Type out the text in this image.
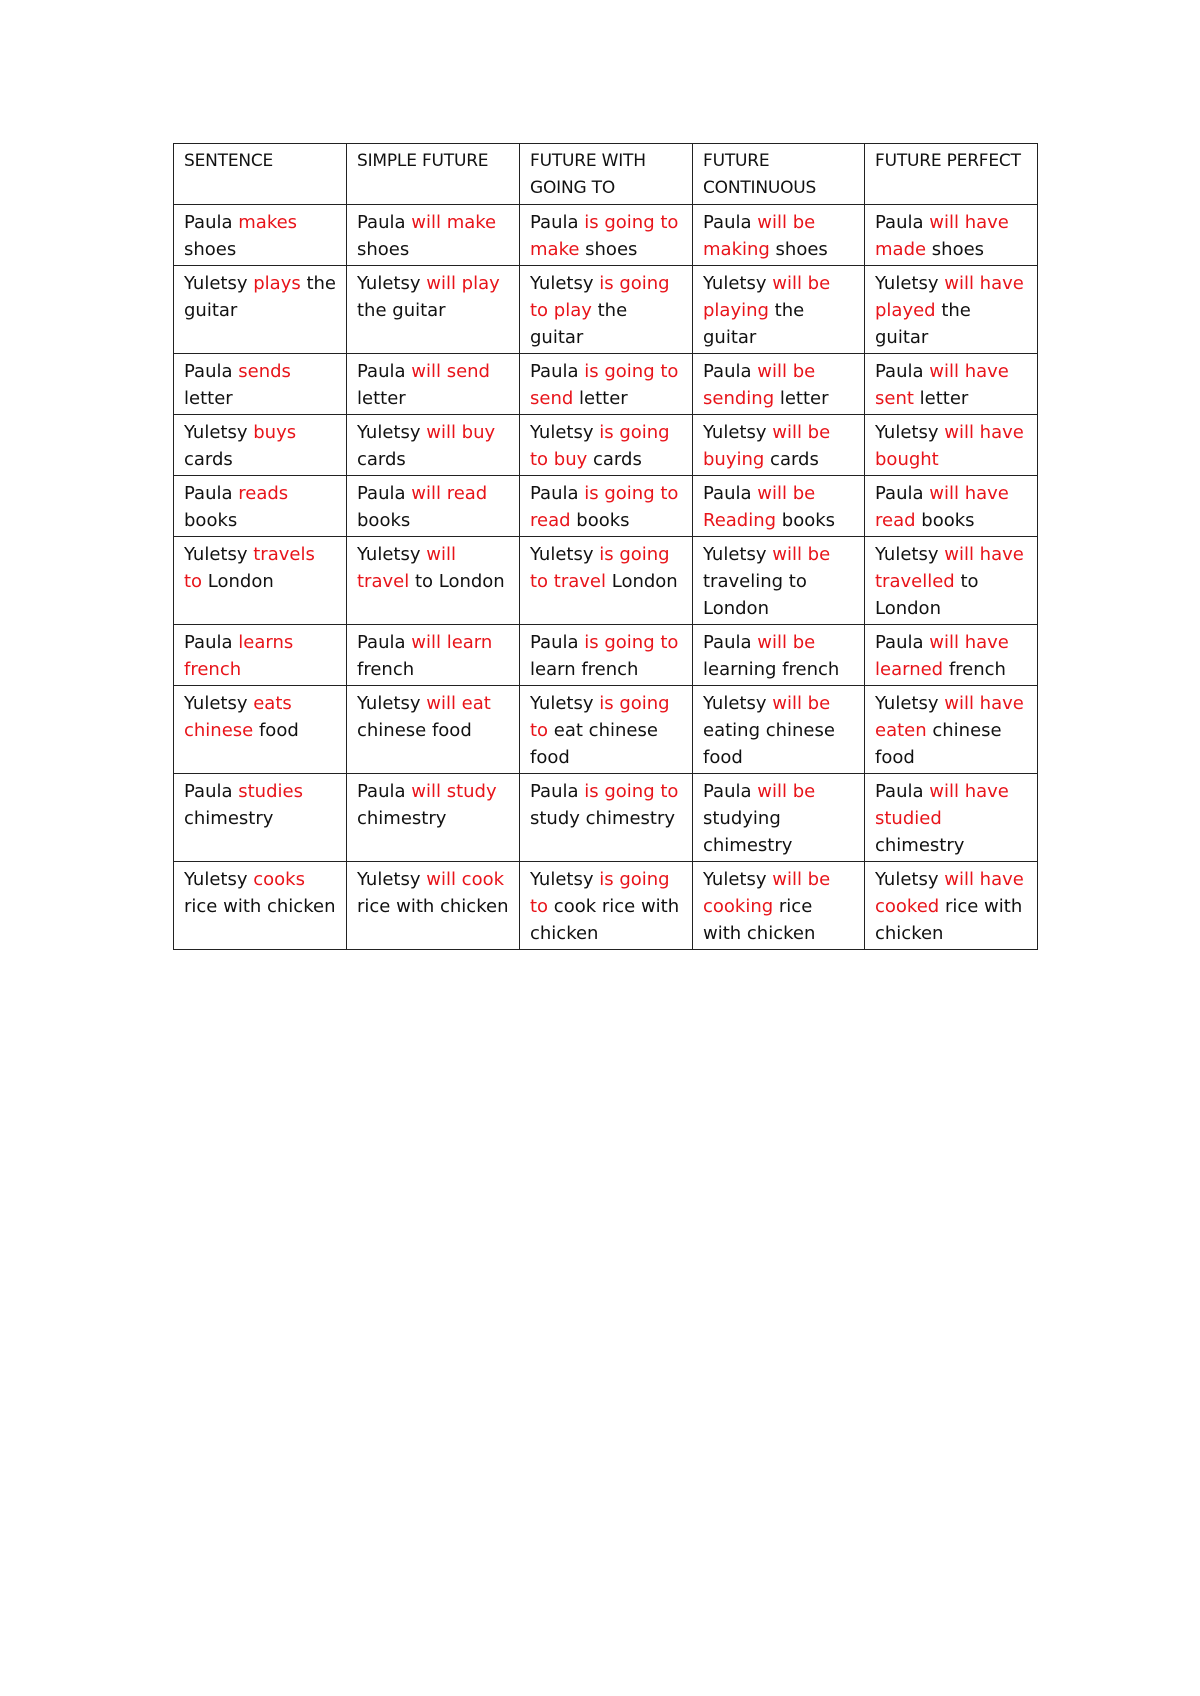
SENTENCE	SIMPLE FUTURE	FUTURE WITH GOING TO	FUTURE CONTINUOUS	FUTURE PERFECT
Paula makes shoes	Paula will make shoes	Paula is going to make shoes	Paula will be making shoes	Paula will have made shoes
Yuletsy plays the guitar	Yuletsy will play the guitar	Yuletsy is going to play the guitar	Yuletsy will be playing the guitar	Yuletsy will have played the guitar
Paula sends letter	Paula will send letter	Paula is going to send letter	Paula will be sending letter	Paula will have sent letter
Yuletsy buys cards	Yuletsy will buy cards	Yuletsy is going to buy cards	Yuletsy will be buying cards	Yuletsy will have bought
Paula reads books	Paula will read books	Paula is going to read books	Paula will be Reading books	Paula will have read books
Yuletsy travels to London	Yuletsy will travel to London	Yuletsy is going to travel London	Yuletsy will be traveling to London	Yuletsy will have travelled to London
Paula learns french	Paula will learn french	Paula is going to learn french	Paula will be learning french	Paula will have learned french
Yuletsy eats chinese food	Yuletsy will eat chinese food	Yuletsy is going to eat chinese food	Yuletsy will be eating chinese food	Yuletsy will have eaten chinese food
Paula studies chimestry	Paula will study chimestry	Paula is going to study chimestry	Paula will be studying chimestry	Paula will have studied chimestry
Yuletsy cooks rice with chicken	Yuletsy will cook rice with chicken	Yuletsy is going to cook rice with chicken	Yuletsy will be cooking rice with chicken	Yuletsy will have cooked rice with chicken
